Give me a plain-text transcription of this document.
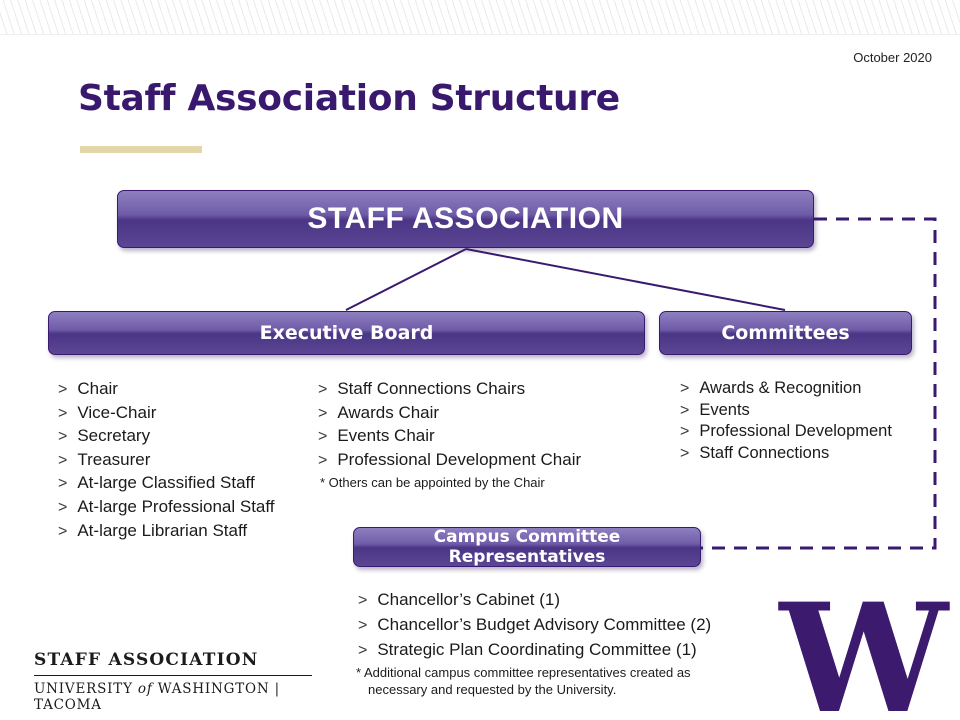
October 2020
Staff Association Structure
STAFF ASSOCIATION
Executive Board	Committees
Campus Committee Representatives
> Chair
> Vice-Chair
> Secretary
> Treasurer
> At-large Classified Staff
> At-large Professional Staff
> At-large Librarian Staff
> Staff Connections Chairs
> Awards Chair
> Events Chair
> Professional Development Chair
* Others can be appointed by the Chair
> Awards & Recognition
> Events
> Professional Development
> Staff Connections
> Chancellor’s Cabinet (1)
> Chancellor’s Budget Advisory Committee (2)
> Strategic Plan Coordinating Committee (1)
* Additional campus committee representatives created as
necessary and requested by the University.
STAFF ASSOCIATION
UNIVERSITY of WASHINGTON | TACOMA	W
